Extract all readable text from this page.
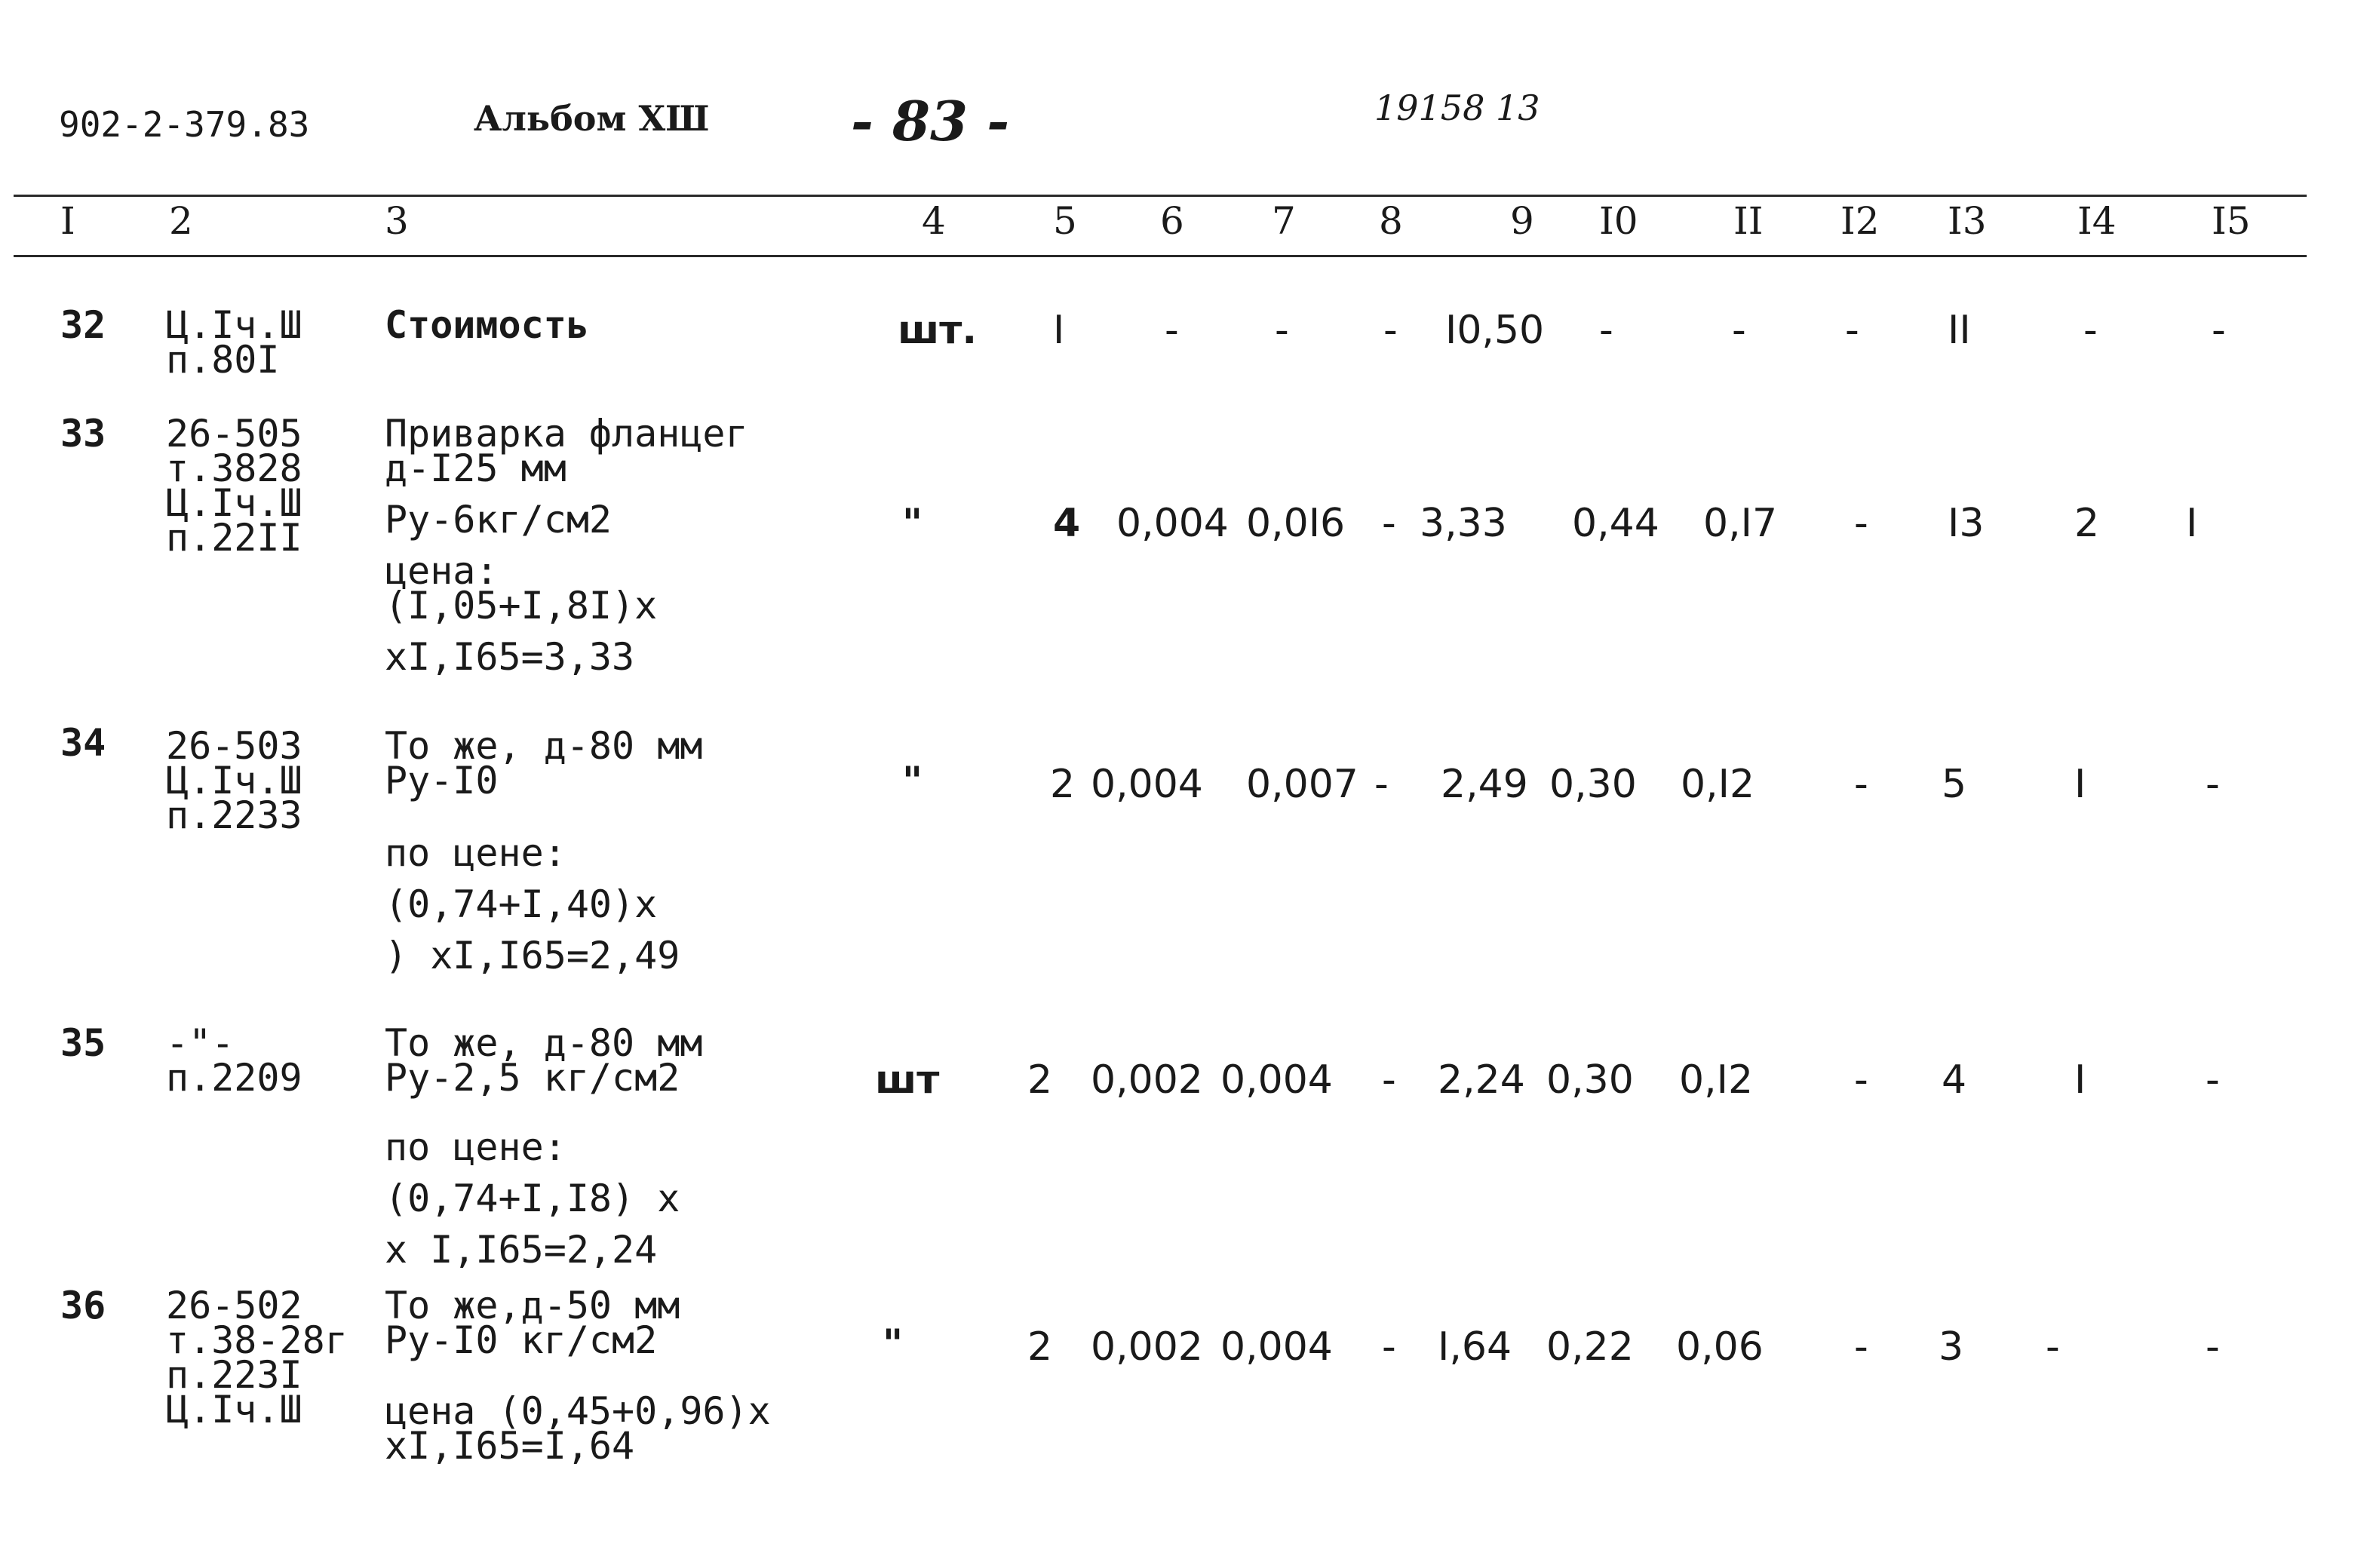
902-2-379.83	Альбом XШ	- 83 -	19158 13
I 2	3	4	5 6 7 8	9 I0	II I2 I3 I4	I5
32 Ц.Iч.Ш
п.80I
Стоимость	шт. I	- - - I0,50 -	-	- II	-	-
33 26-505
т.3828
Ц.Iч.Ш
п.22II
Приварка фланцег
д-I25 мм
Ру-6кг/см2
цена:
(I,05+I,8I)x
xI,I65=3,33
"	4 0,004 0,0I6 - 3,33 0,44 0,I7 - I3 2 I
34 26-503
Ц.Iч.Ш
п.2233
То же, д-80 мм
Ру-I0
по цене:
(0,74+I,40)x
) xI,I65=2,49
"	2 0,004 0,007 - 2,49 0,30 0,I2	- 5	I	-
35 -"-
п.2209
То же, д-80 мм
Ру-2,5 кг/см2
по цене:
(0,74+I,I8) x
x I,I65=2,24
шт 2 0,002 0,004 - 2,24 0,30 0,I2	- 4	I	-
36 26-502
т.38-28г
п.223I
Ц.Iч.Ш
То же,д-50 мм
Ру-I0 кг/см2
цена (0,45+0,96)x
xI,I65=I,64
"	2 0,002 0,004 - I,64 0,22 0,06 - 3 -	-
